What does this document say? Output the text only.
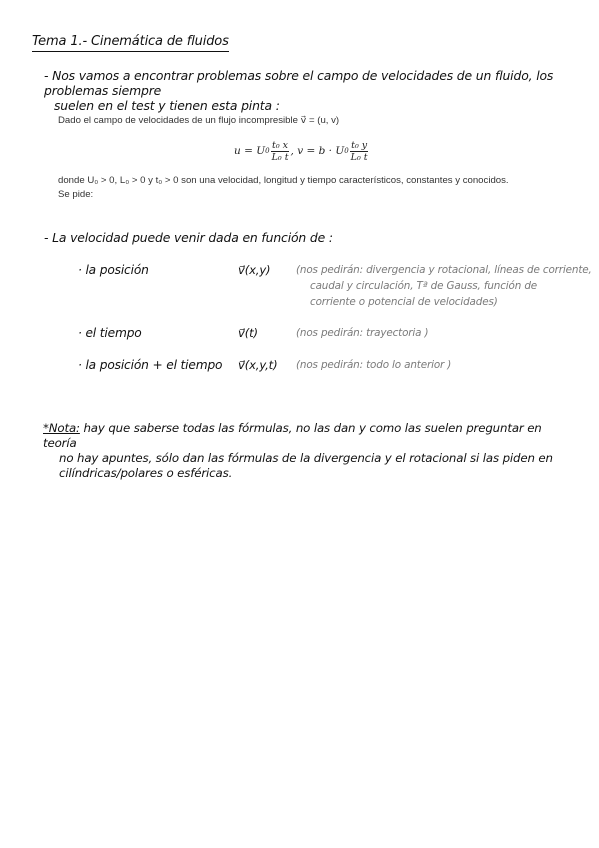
Tema 1.- Cinemática de fluidos
- Nos vamos a encontrar problemas sobre el campo de velocidades de un fluido, los problemas siempre
suelen en el test y tienen esta pinta :
Dado el campo de velocidades de un flujo incompresible v⃗ = (u, v)
u = U $0 \frac{\text{t₀ x}}{\text{L₀ t}}$ , v = b · U $0 \frac{\text{t₀ y}}{\text{L₀ t}}$
donde U₀ > 0, L₀ > 0 y t₀ > 0 son una velocidad, longitud y tiempo característicos, constantes y conocidos.
Se pide:
- La velocidad puede venir dada en función de :
· la posición	v⃗(x,y) (nos pedirán: divergencia y rotacional, líneas de corriente,
caudal y circulación, Tª de Gauss, función de
corriente o potencial de velocidades)
· el tiempo	v⃗(t)	(nos pedirán: trayectoria )
· la posición + el tiempo v⃗(x,y,t) (nos pedirán: todo lo anterior )
*Nota: hay que saberse todas las fórmulas, no las dan y como las suelen preguntar en teoría
no hay apuntes, sólo dan las fórmulas de la divergencia y el rotacional si las piden en
cilíndricas/polares o esféricas.
